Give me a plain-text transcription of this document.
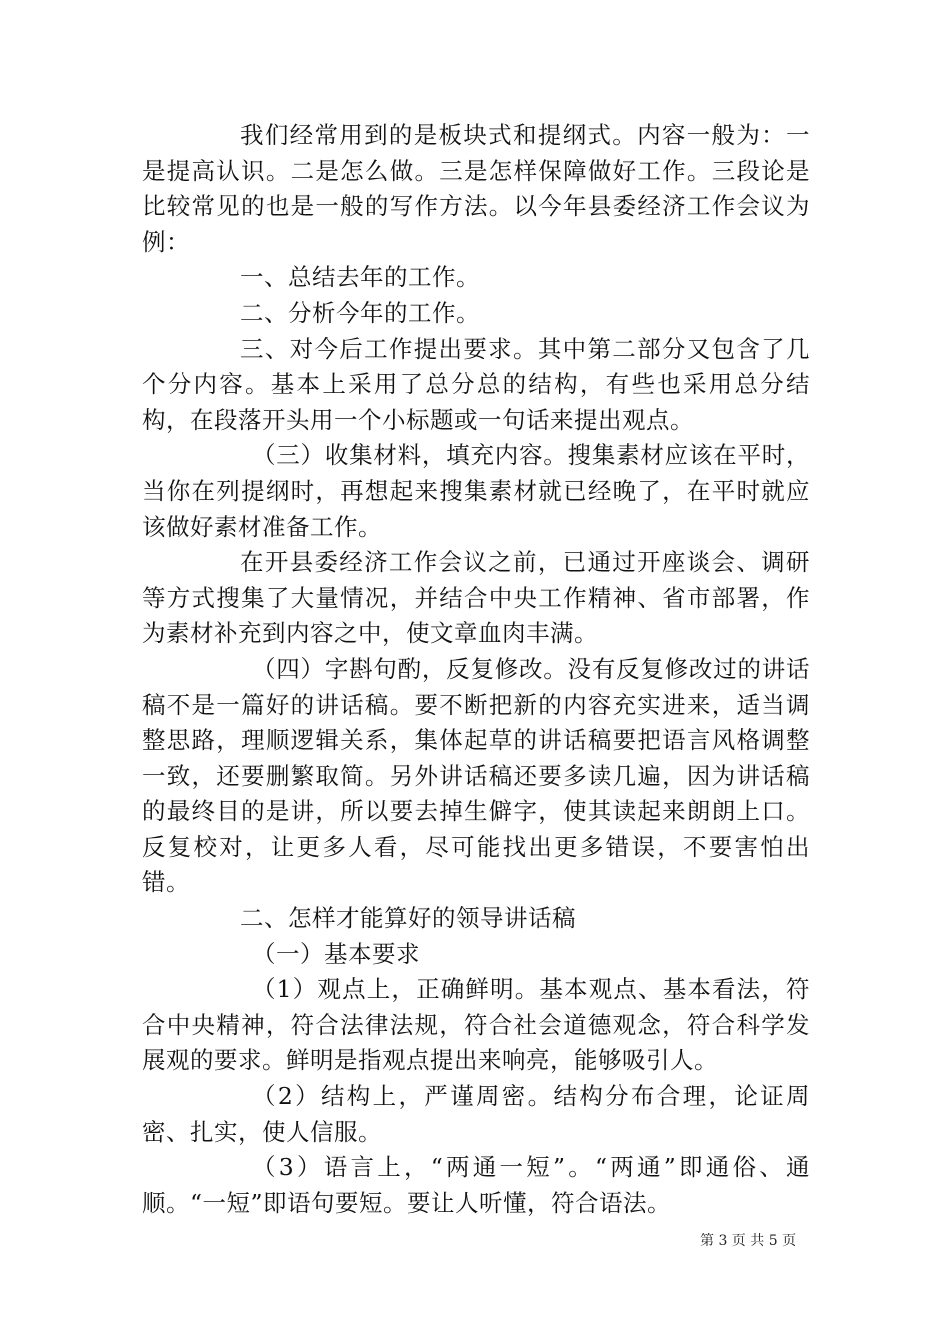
我们经常用到的是板块式和提纲式。内容一般为：一是提高认识。二是怎么做。三是怎样保障做好工作。三段论是比较常见的也是一般的写作方法。以今年县委经济工作会议为例：

一、总结去年的工作。

二、分析今年的工作。

三、对今后工作提出要求。其中第二部分又包含了几个分内容。基本上采用了总分总的结构，有些也采用总分结构，在段落开头用一个小标题或一句话来提出观点。

（三）收集材料，填充内容。搜集素材应该在平时，当你在列提纲时，再想起来搜集素材就已经晚了，在平时就应该做好素材准备工作。

在开县委经济工作会议之前，已通过开座谈会、调研等方式搜集了大量情况，并结合中央工作精神、省市部署，作为素材补充到内容之中，使文章血肉丰满。

（四）字斟句酌，反复修改。没有反复修改过的讲话稿不是一篇好的讲话稿。要不断把新的内容充实进来，适当调整思路，理顺逻辑关系，集体起草的讲话稿要把语言风格调整一致，还要删繁取简。另外讲话稿还要多读几遍，因为讲话稿的最终目的是讲，所以要去掉生僻字，使其读起来朗朗上口。反复校对，让更多人看，尽可能找出更多错误，不要害怕出错。

二、怎样才能算好的领导讲话稿

（一）基本要求

（1）观点上，正确鲜明。基本观点、基本看法，符合中央精神，符合法律法规，符合社会道德观念，符合科学发展观的要求。鲜明是指观点提出来响亮，能够吸引人。

（2）结构上，严谨周密。结构分布合理，论证周密、扎实，使人信服。

（3）语言上，“两通一短”。“两通”即通俗、通顺。“一短”即语句要短。要让人听懂，符合语法。

第 3 页 共 5 页
